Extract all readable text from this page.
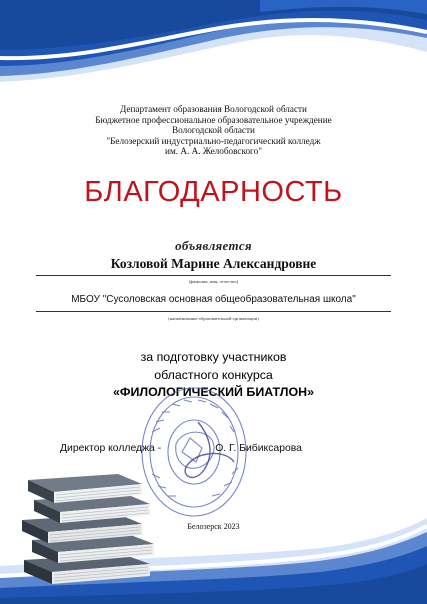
Департамент образования Вологодской области
Бюджетное профессиональное образовательное учреждение
Вологодской области
"Белозерский индустриально-педагогический колледж
им. А. А. Желобовского"
БЛАГОДАРНОСТЬ
объявляется
Козловой Марине Александровне
(фамилия, имя, отчество)
МБОУ "Сусоловская основная общеобразовательная школа"
(наименование образовательной организации)
за подготовку участников
областного конкурса
«ФИЛОЛОГИЧЕСКИЙ БИАТЛОН»
Директор колледжа -	О. Г. Бибиксарова
Белозерск 2023
